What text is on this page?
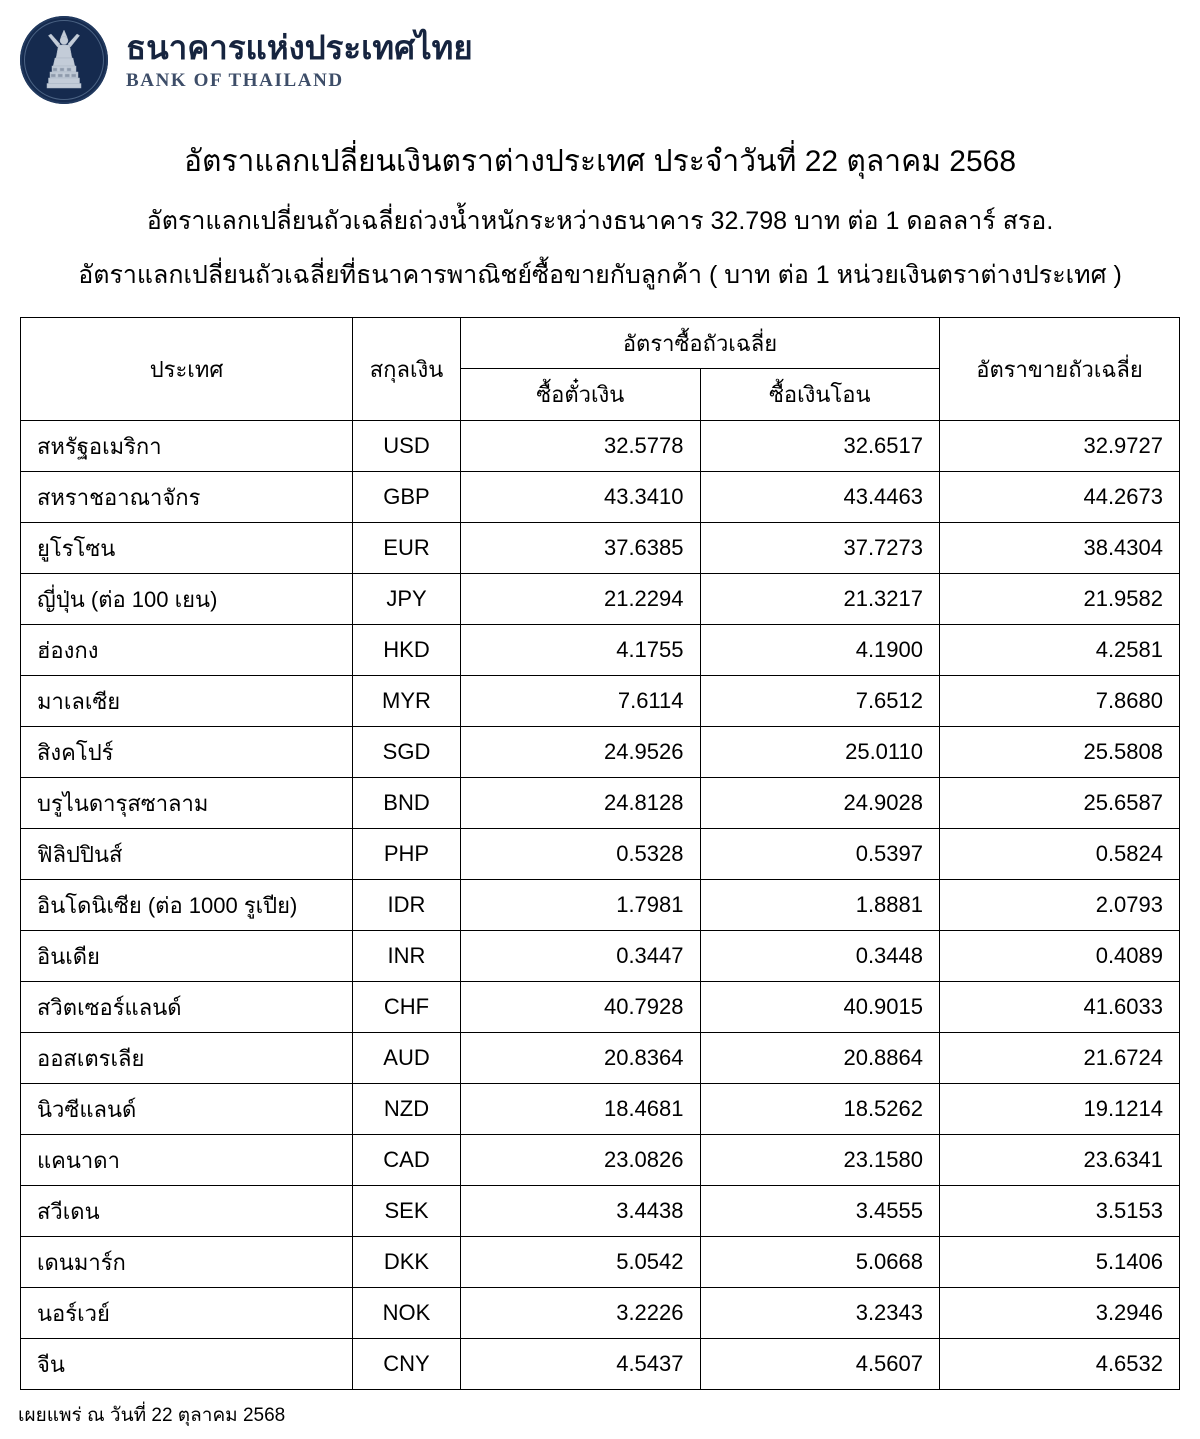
ธนาคารแห่งประเทศไทย
BANK OF THAILAND
อัตราแลกเปลี่ยนเงินตราต่างประเทศ ประจำวันที่ 22 ตุลาคม 2568
อัตราแลกเปลี่ยนถัวเฉลี่ยถ่วงน้ำหนักระหว่างธนาคาร 32.798 บาท ต่อ 1 ดอลลาร์ สรอ.
อัตราแลกเปลี่ยนถัวเฉลี่ยที่ธนาคารพาณิชย์ซื้อขายกับลูกค้า ( บาท ต่อ 1 หน่วยเงินตราต่างประเทศ )
ประเทศ	สกุลเงิน	อัตราซื้อถัวเฉลี่ย		อัตราขายถัวเฉลี่ย
		ซื้อตั๋วเงิน	ซื้อเงินโอน	
สหรัฐอเมริกา	USD	32.5778	32.6517	32.9727
สหราชอาณาจักร	GBP	43.3410	43.4463	44.2673
ยูโรโซน	EUR	37.6385	37.7273	38.4304
ญี่ปุ่น (ต่อ 100 เยน)	JPY	21.2294	21.3217	21.9582
ฮ่องกง	HKD	4.1755	4.1900	4.2581
มาเลเซีย	MYR	7.6114	7.6512	7.8680
สิงคโปร์	SGD	24.9526	25.0110	25.5808
บรูไนดารุสซาลาม	BND	24.8128	24.9028	25.6587
ฟิลิปปินส์	PHP	0.5328	0.5397	0.5824
อินโดนิเซีย (ต่อ 1000 รูเปีย)	IDR	1.7981	1.8881	2.0793
อินเดีย	INR	0.3447	0.3448	0.4089
สวิตเซอร์แลนด์	CHF	40.7928	40.9015	41.6033
ออสเตรเลีย	AUD	20.8364	20.8864	21.6724
นิวซีแลนด์	NZD	18.4681	18.5262	19.1214
แคนาดา	CAD	23.0826	23.1580	23.6341
สวีเดน	SEK	3.4438	3.4555	3.5153
เดนมาร์ก	DKK	5.0542	5.0668	5.1406
นอร์เวย์	NOK	3.2226	3.2343	3.2946
จีน	CNY	4.5437	4.5607	4.6532
เผยแพร่ ณ วันที่ 22 ตุลาคม 2568
